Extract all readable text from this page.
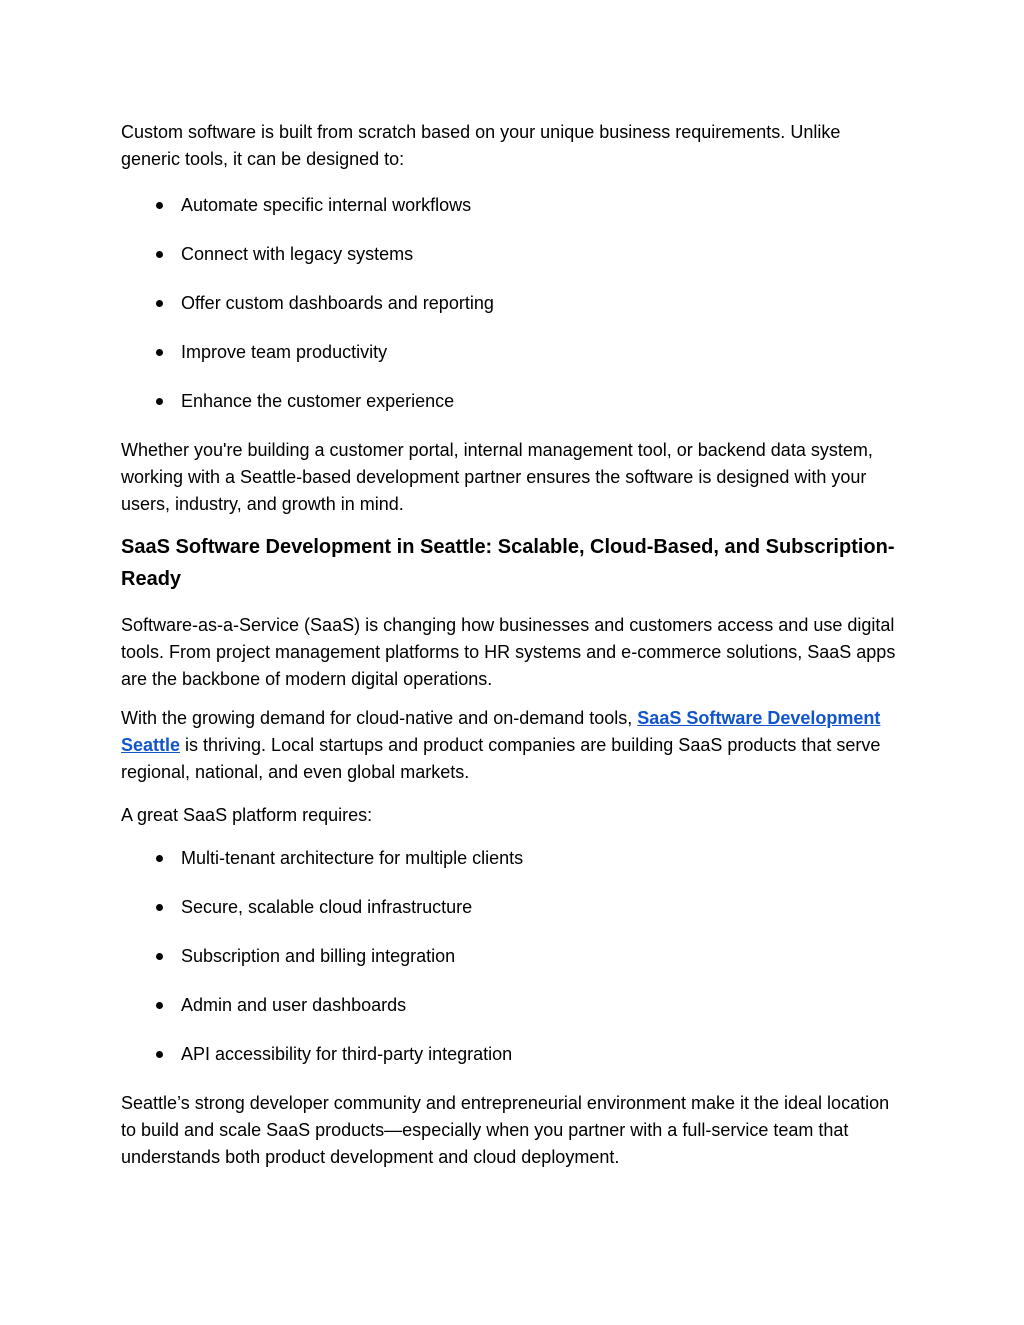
Custom software is built from scratch based on your unique business requirements. Unlike generic tools, it can be designed to:

Automate specific internal workflows
Connect with legacy systems
Offer custom dashboards and reporting
Improve team productivity
Enhance the customer experience

Whether you're building a customer portal, internal management tool, or backend data system, working with a Seattle-based development partner ensures the software is designed with your users, industry, and growth in mind.

SaaS Software Development in Seattle: Scalable, Cloud-Based, and Subscription-Ready

Software-as-a-Service (SaaS) is changing how businesses and customers access and use digital tools. From project management platforms to HR systems and e-commerce solutions, SaaS apps are the backbone of modern digital operations.

With the growing demand for cloud-native and on-demand tools, SaaS Software Development Seattle is thriving. Local startups and product companies are building SaaS products that serve regional, national, and even global markets.

A great SaaS platform requires:

Multi-tenant architecture for multiple clients
Secure, scalable cloud infrastructure
Subscription and billing integration
Admin and user dashboards
API accessibility for third-party integration

Seattle’s strong developer community and entrepreneurial environment make it the ideal location to build and scale SaaS products—especially when you partner with a full-service team that understands both product development and cloud deployment.
